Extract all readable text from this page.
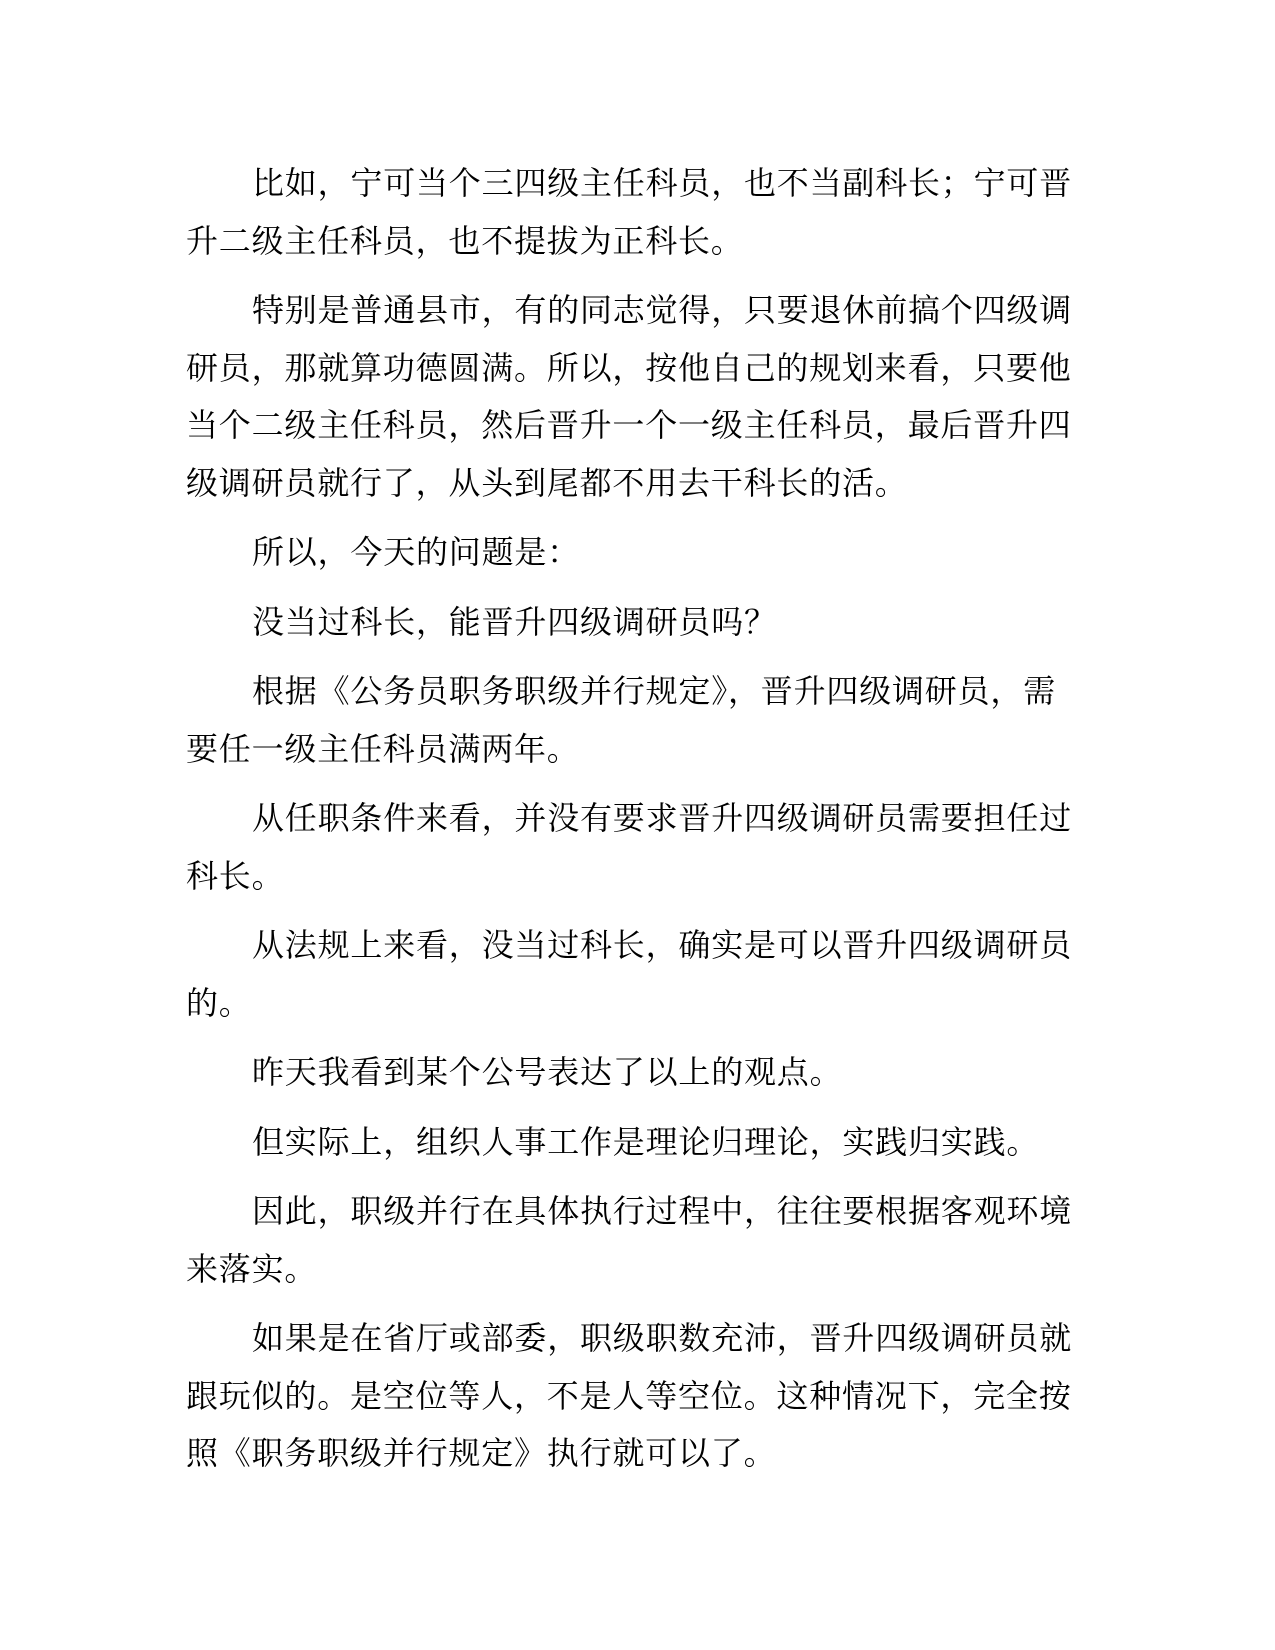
比如，宁可当个三四级主任科员，也不当副科长；宁可晋升二级主任科员，也不提拔为正科长。

特别是普通县市，有的同志觉得，只要退休前搞个四级调研员，那就算功德圆满。所以，按他自己的规划来看，只要他当个二级主任科员，然后晋升一个一级主任科员，最后晋升四级调研员就行了，从头到尾都不用去干科长的活。

所以，今天的问题是：

没当过科长，能晋升四级调研员吗？

根据《公务员职务职级并行规定》，晋升四级调研员，需要任一级主任科员满两年。

从任职条件来看，并没有要求晋升四级调研员需要担任过科长。

从法规上来看，没当过科长，确实是可以晋升四级调研员的。

昨天我看到某个公号表达了以上的观点。

但实际上，组织人事工作是理论归理论，实践归实践。

因此，职级并行在具体执行过程中，往往要根据客观环境来落实。

如果是在省厅或部委，职级职数充沛，晋升四级调研员就跟玩似的。是空位等人，不是人等空位。这种情况下，完全按照《职务职级并行规定》执行就可以了。
